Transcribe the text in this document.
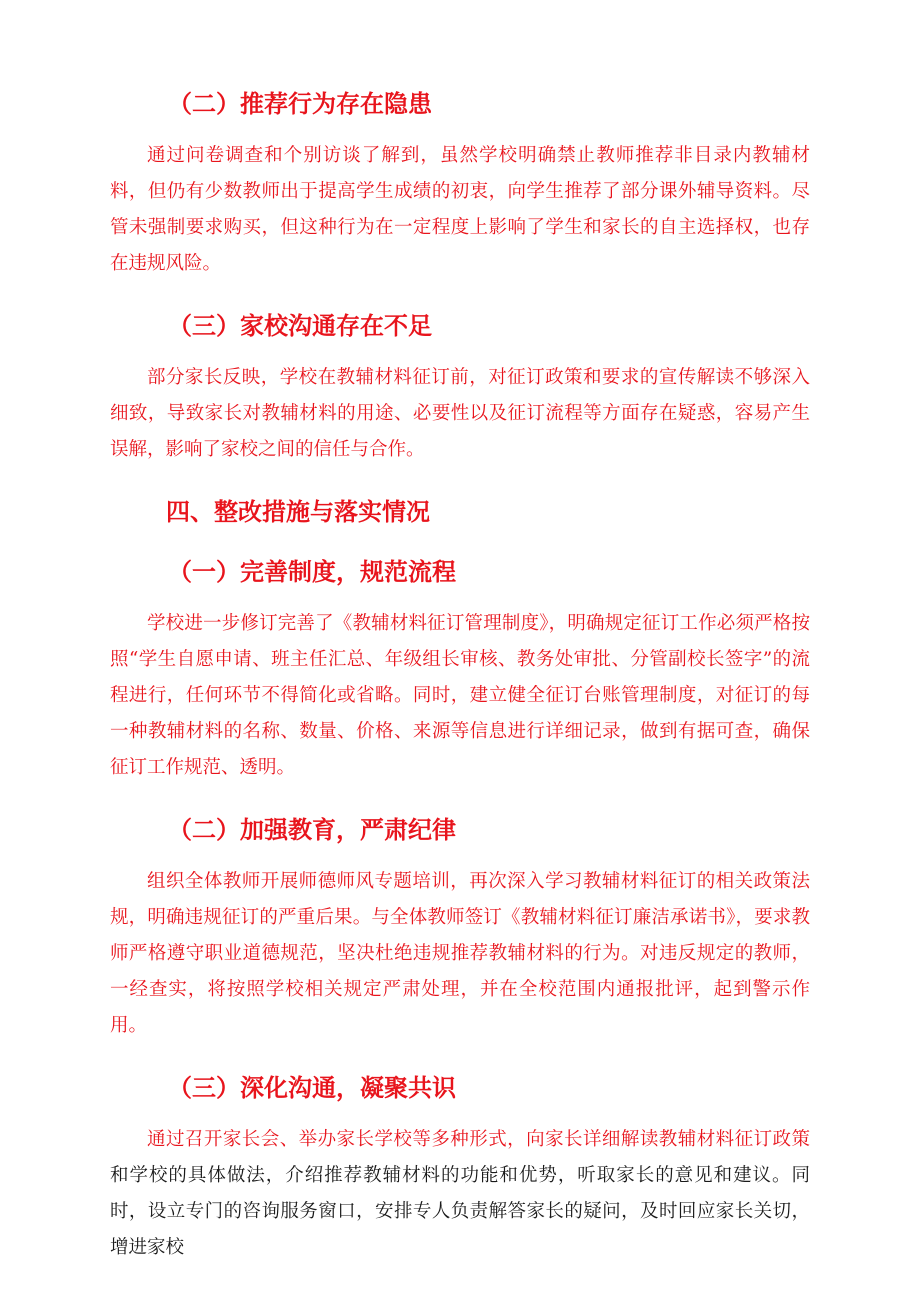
（二）推荐行为存在隐患

通过问卷调查和个别访谈了解到，虽然学校明确禁止教师推荐非目录内教辅材料，但仍有少数教师出于提高学生成绩的初衷，向学生推荐了部分课外辅导资料。尽管未强制要求购买，但这种行为在一定程度上影响了学生和家长的自主选择权，也存在违规风险。

（三）家校沟通存在不足

部分家长反映，学校在教辅材料征订前，对征订政策和要求的宣传解读不够深入细致，导致家长对教辅材料的用途、必要性以及征订流程等方面存在疑惑，容易产生误解，影响了家校之间的信任与合作。

四、整改措施与落实情况
（一）完善制度，规范流程

学校进一步修订完善了《教辅材料征订管理制度》，明确规定征订工作必须严格按照“学生自愿申请、班主任汇总、年级组长审核、教务处审批、分管副校长签字”的流程进行，任何环节不得简化或省略。同时，建立健全征订台账管理制度，对征订的每一种教辅材料的名称、数量、价格、来源等信息进行详细记录，做到有据可查，确保征订工作规范、透明。

（二）加强教育，严肃纪律

组织全体教师开展师德师风专题培训，再次深入学习教辅材料征订的相关政策法规，明确违规征订的严重后果。与全体教师签订《教辅材料征订廉洁承诺书》，要求教师严格遵守职业道德规范，坚决杜绝违规推荐教辅材料的行为。对违反规定的教师，一经查实，将按照学校相关规定严肃处理，并在全校范围内通报批评，起到警示作用。

（三）深化沟通，凝聚共识

通过召开家长会、举办家长学校等多种形式，向家长详细解读教辅材料征订政策和学校的具体做法，介绍推荐教辅材料的功能和优势，听取家长的意见和建议。同时，设立专门的咨询服务窗口，安排专人负责解答家长的疑问，及时回应家长关切，增进家校
